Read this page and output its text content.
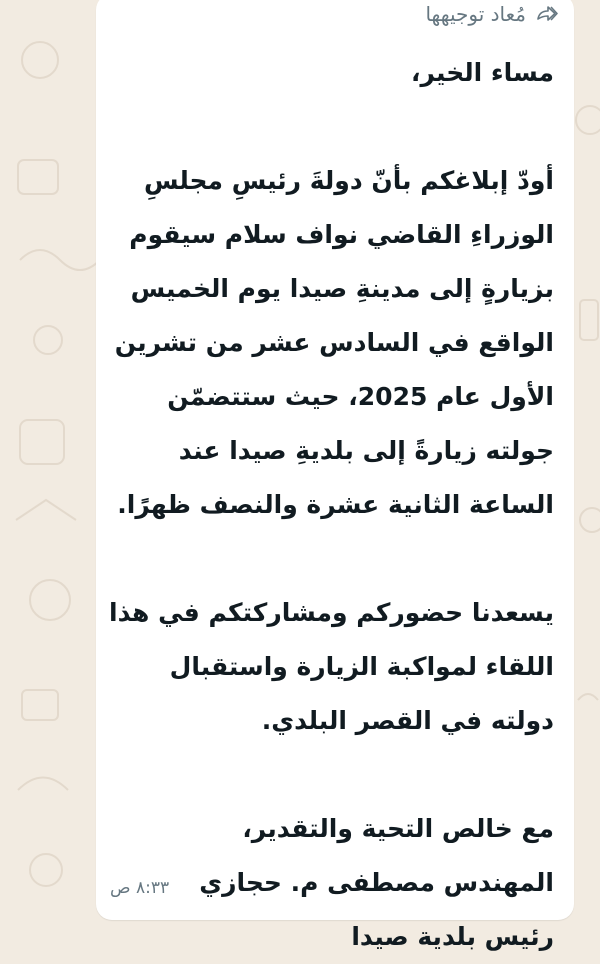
مُعاد توجيهها

مساء الخير،

أودّ إبلاغكم بأنّ دولةَ رئيسِ مجلسِ الوزراءِ القاضي نواف سلام سيقوم بزيارةٍ إلى مدينةِ صيدا يوم الخميس الواقع في السادس عشر من تشرين الأول عام 2025، حيث ستتضمّن جولته زيارةً إلى بلديةِ صيدا عند الساعة الثانية عشرة والنصف ظهرًا.

يسعدنا حضوركم ومشاركتكم في هذا اللقاء لمواكبة الزيارة واستقبال دولته في القصر البلدي.

مع خالص التحية والتقدير،

المهندس مصطفى م. حجازي

رئيس بلدية صيدا

٨:٣٣ ص
